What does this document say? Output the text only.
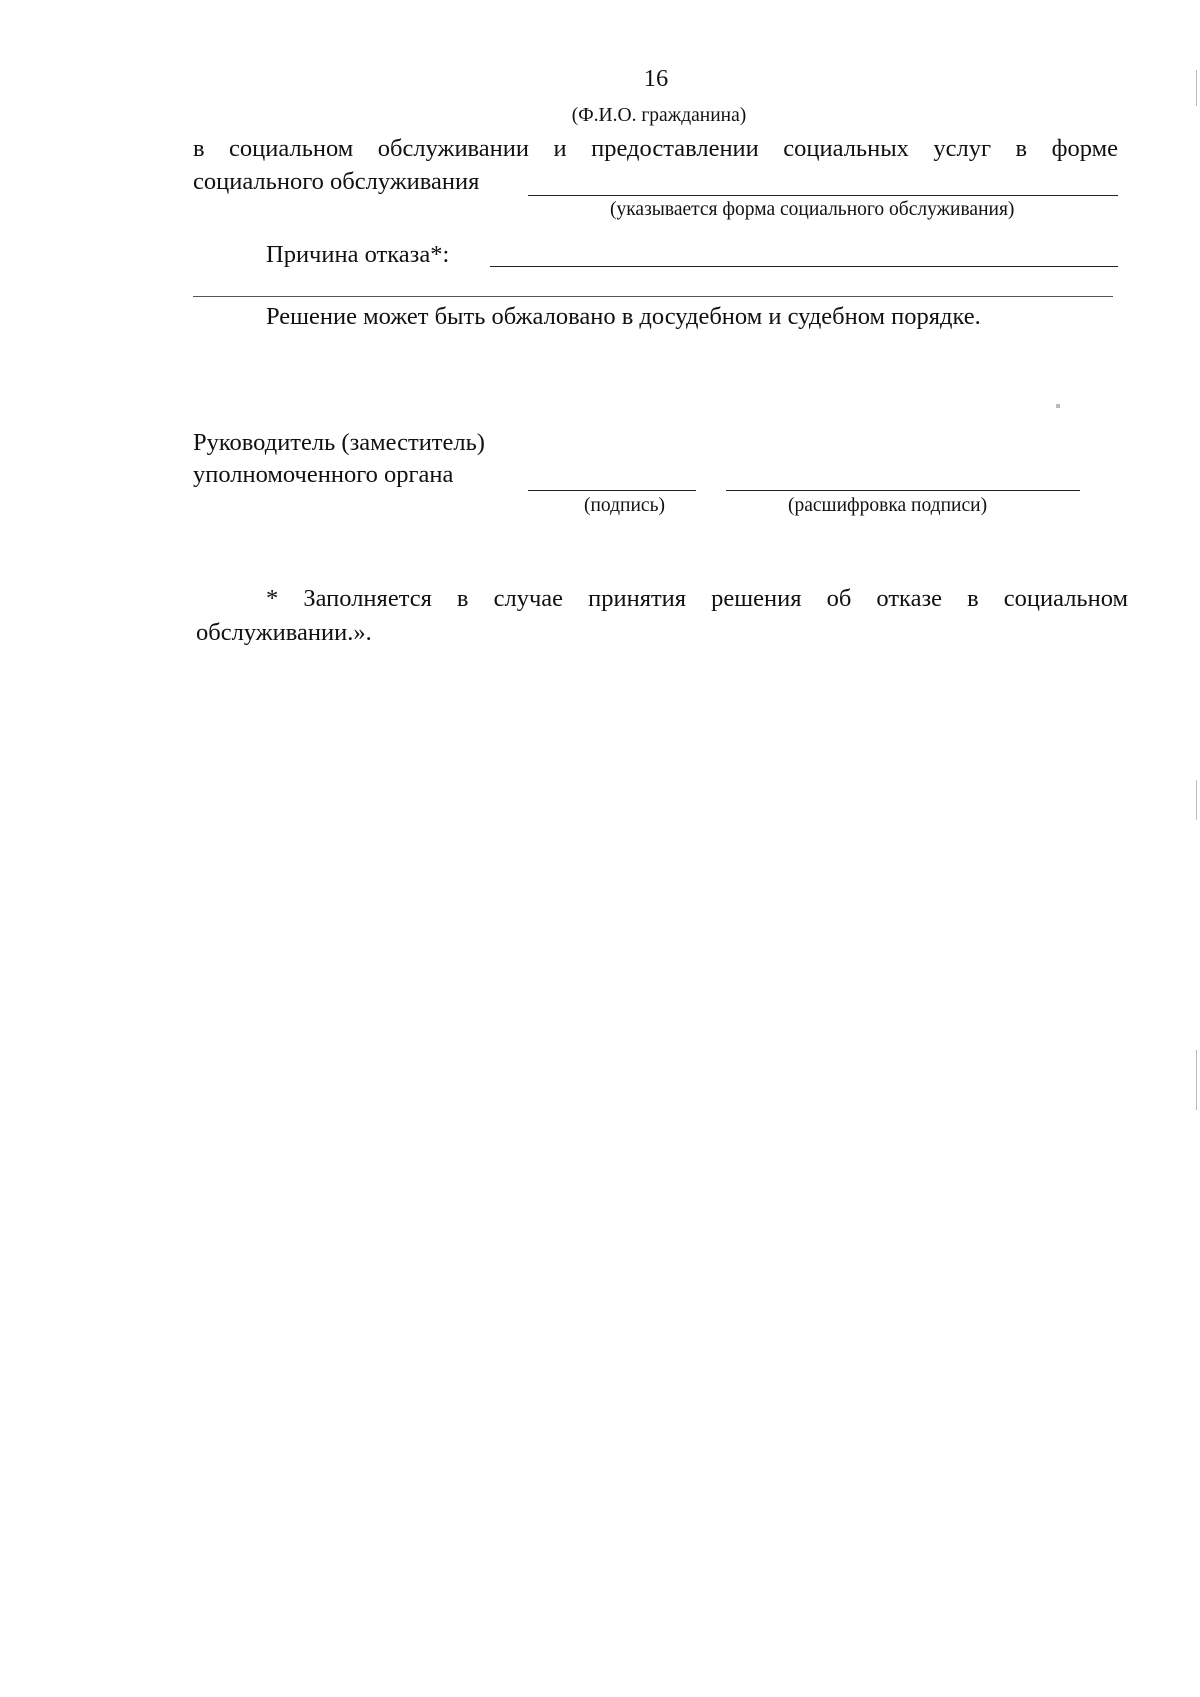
16
(Ф.И.О. гражданина)
в социальном обслуживании и предоставлении социальных услуг в форме
социального обслуживания
(указывается форма социального обслуживания)
Причина отказа*:
Решение может быть обжаловано в досудебном и судебном порядке.
Руководитель (заместитель)
уполномоченного органа
(подпись)	(расшифровка подписи)
* Заполняется в случае принятия решения об отказе в социальном
обслуживании.».
